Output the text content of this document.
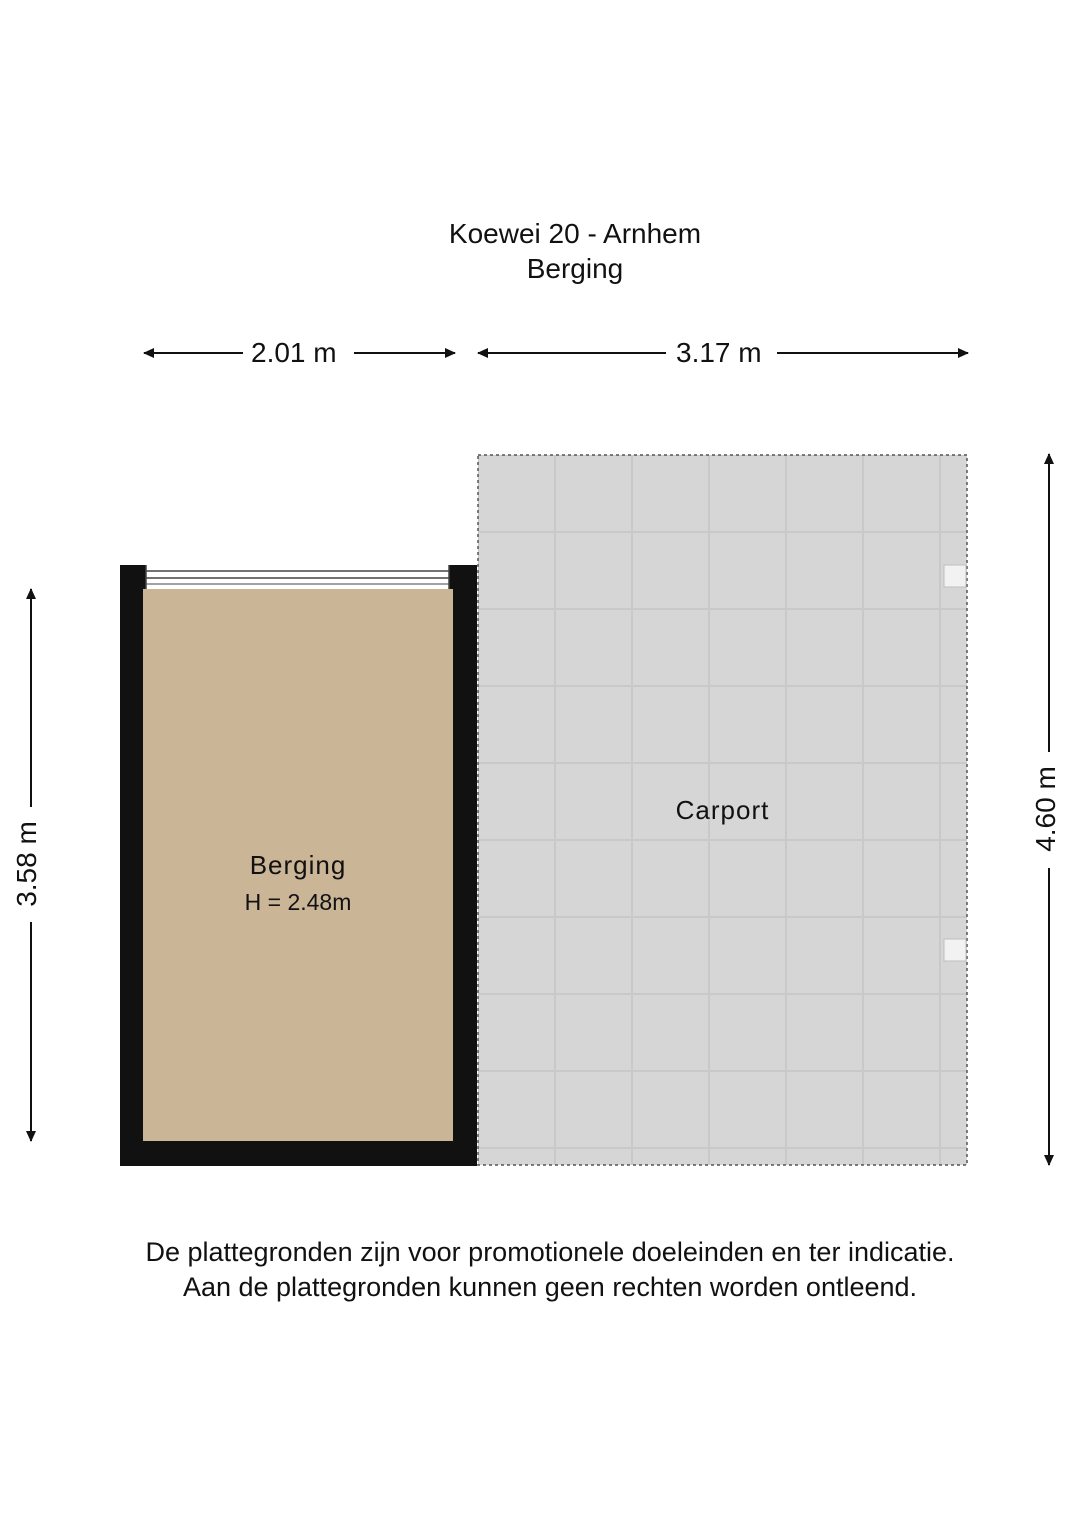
Koewei 20 - Arnhem
Berging
2.01 m	3.17 m
3.58 m
4.60 m
Berging
H = 2.48m
Carport
De plattegronden zijn voor promotionele doeleinden en ter indicatie.
Aan de plattegronden kunnen geen rechten worden ontleend.
